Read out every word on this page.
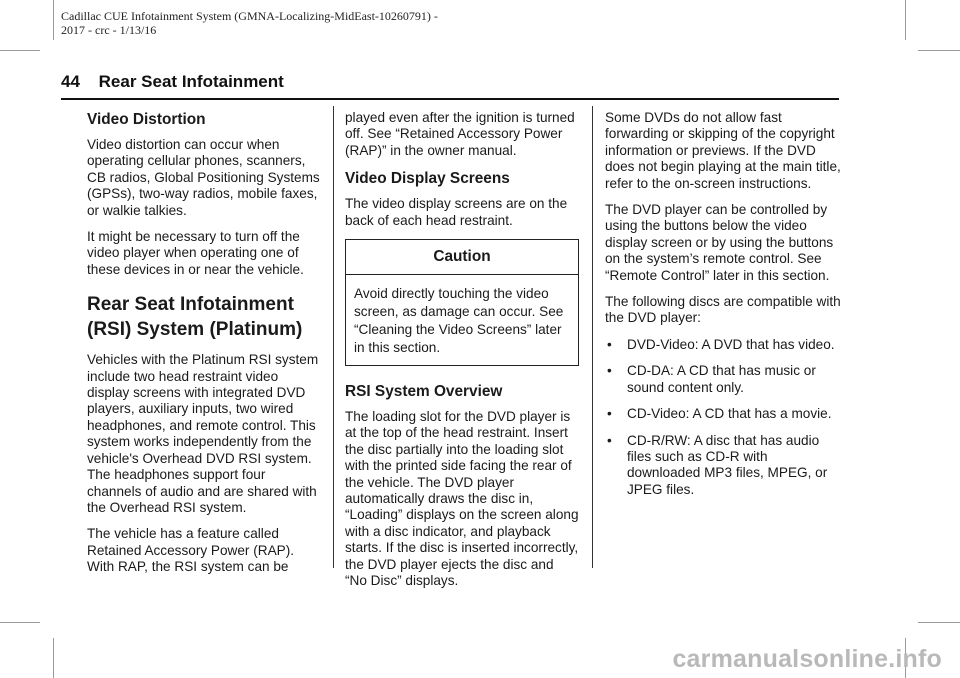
Cadillac CUE Infotainment System (GMNA-Localizing-MidEast-10260791) -
2017 - crc - 1/13/16
44 Rear Seat Infotainment
Video Distortion

Video distortion can occur when operating cellular phones, scanners, CB radios, Global Positioning Systems (GPSs), two-way radios, mobile faxes, or walkie talkies.

It might be necessary to turn off the video player when operating one of these devices in or near the vehicle.

Rear Seat Infotainment
(RSI) System (Platinum)

Vehicles with the Platinum RSI system include two head restraint video display screens with integrated DVD players, auxiliary inputs, two wired headphones, and remote control. This system works independently from the vehicle's Overhead DVD RSI system. The headphones support four channels of audio and are shared with the Overhead RSI system.

The vehicle has a feature called Retained Accessory Power (RAP). With RAP, the RSI system can be

played even after the ignition is turned off. See “Retained Accessory Power (RAP)” in the owner manual.

Video Display Screens

The video display screens are on the back of each head restraint.

Caution
Avoid directly touching the video screen, as damage can occur. See “Cleaning the Video Screens” later in this section.
RSI System Overview

The loading slot for the DVD player is at the top of the head restraint. Insert the disc partially into the loading slot with the printed side facing the rear of the vehicle. The DVD player automatically draws the disc in, “Loading” displays on the screen along with a disc indicator, and playback starts. If the disc is inserted incorrectly, the DVD player ejects the disc and “No Disc” displays.

Some DVDs do not allow fast forwarding or skipping of the copyright information or previews. If the DVD does not begin playing at the main title, refer to the on-screen instructions.

The DVD player can be controlled by using the buttons below the video display screen or by using the buttons on the system’s remote control. See “Remote Control” later in this section.

The following discs are compatible with the DVD player:

•	DVD-Video: A DVD that has video.
•	CD-DA: A CD that has music or sound content only.
•	CD-Video: A CD that has a movie.
•	CD-R/RW: A disc that has audio files such as CD-R with downloaded MP3 files, MPEG, or JPEG files.
carmanualsonline.info
